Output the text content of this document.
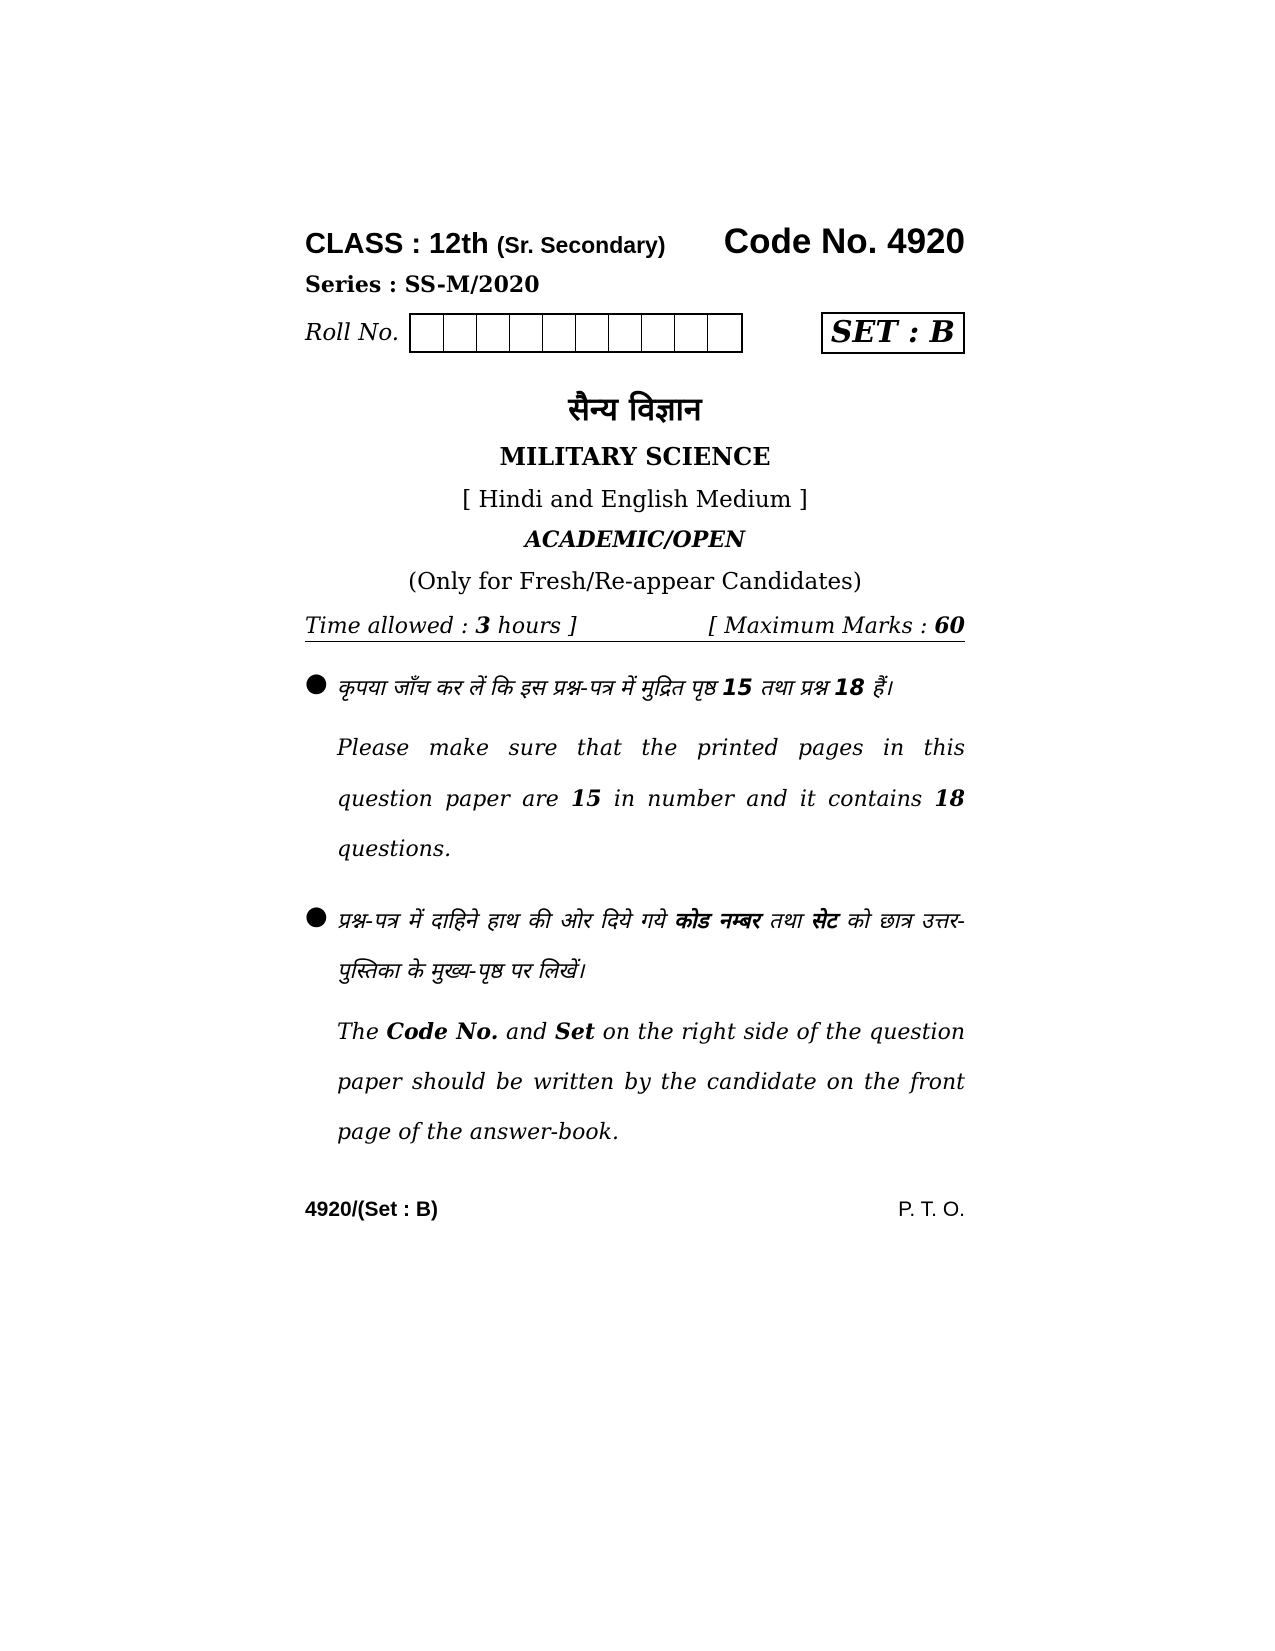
CLASS : 12th (Sr. Secondary) Code No. 4920
Series : SS-M/2020
Roll No.	SET : B
सैन्य विज्ञान
MILITARY SCIENCE
[ Hindi and English Medium ]
ACADEMIC/OPEN
(Only for Fresh/Re-appear Candidates)
Time allowed : 3 hours ]	[ Maximum Marks : 60
● कृपया जाँच कर लें कि इस प्रश्न-पत्र में मुद्रित पृष्ठ 15 तथा प्रश्न 18 हैं।
Please make sure that the printed pages in this question paper are 15 in number and it contains 18 questions.
● प्रश्न-पत्र में दाहिने हाथ की ओर दिये गये कोड नम्बर तथा सेट को छात्र उत्तर-पुस्तिका के मुख्य-पृष्ठ पर लिखें।
The Code No. and Set on the right side of the question paper should be written by the candidate on the front page of the answer-book.
4920/(Set : B)	P. T. O.
